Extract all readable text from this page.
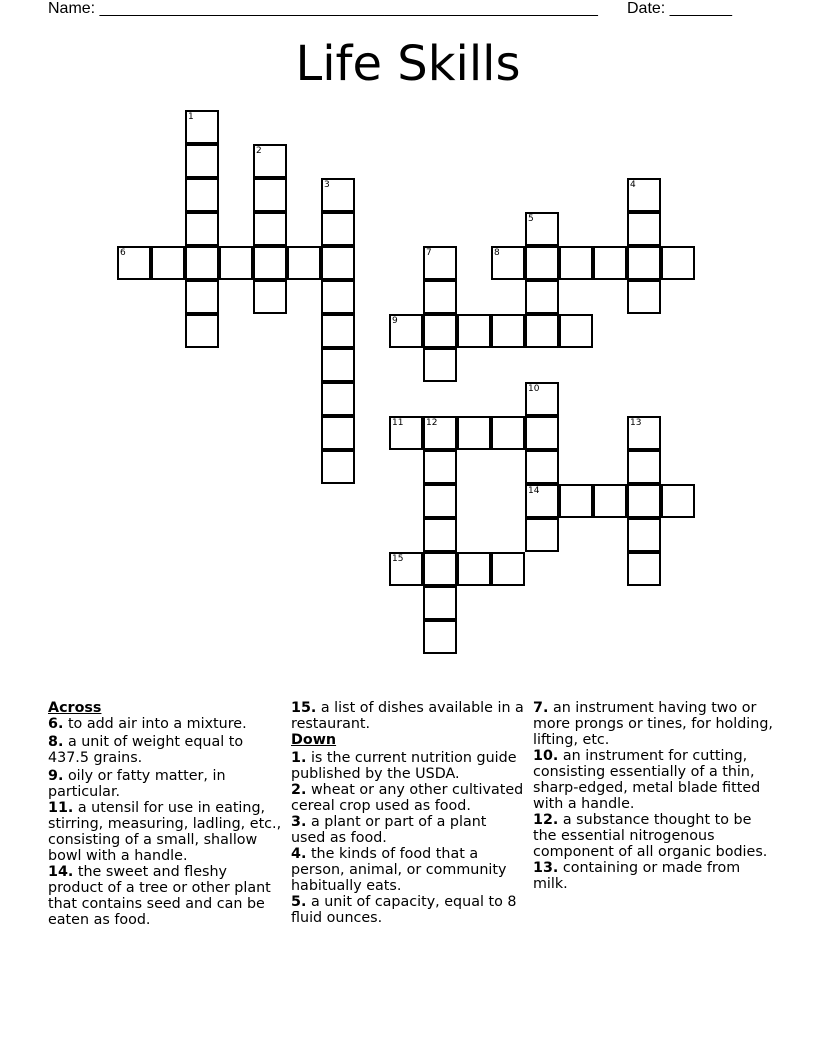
Name: ________________________________________________________ Date: _______
Life Skills
6	8
9
11	12
14
15
1
2
3	4
5
7
10
13
Across
6. to add air into a mixture.
8. a unit of weight equal to 437.5 grains.
9. oily or fatty matter, in particular.
11. a utensil for use in eating, stirring, measuring, ladling, etc., consisting of a small, shallow bowl with a handle.
14. the sweet and fleshy product of a tree or other plant that contains seed and can be eaten as food.
15. a list of dishes available in a restaurant.
Down
1. is the current nutrition guide published by the USDA.
2. wheat or any other cultivated cereal crop used as food.
3. a plant or part of a plant used as food.
4. the kinds of food that a person, animal, or community habitually eats.
5. a unit of capacity, equal to 8 fluid ounces.
7. an instrument having two or more prongs or tines, for holding, lifting, etc.
10. an instrument for cutting, consisting essentially of a thin, sharp-edged, metal blade fitted with a handle.
12. a substance thought to be the essential nitrogenous component of all organic bodies.
13. containing or made from milk.
